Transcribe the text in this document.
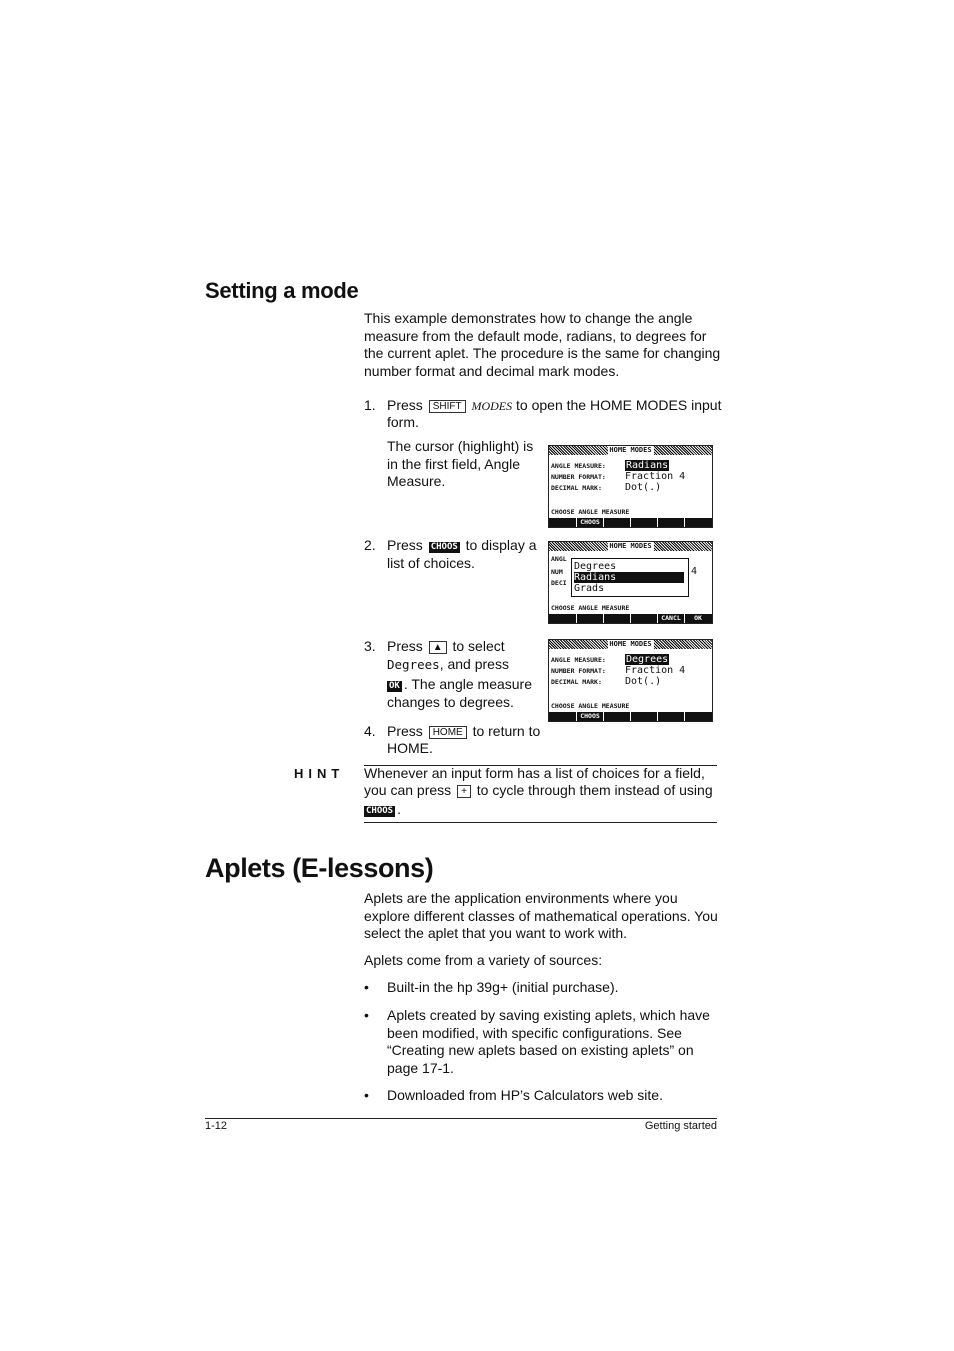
Setting a mode
This example demonstrates how to change the angle
measure from the default mode, radians, to degrees for
the current aplet. The procedure is the same for changing
number format and decimal mark modes.
1. Press SHIFT MODES to open the HOME MODES input
form.
The cursor (highlight) is
in the first field, Angle
Measure.
HOME MODES
ANGLE MEASURE: Radians
NUMBER FORMAT: Fraction 4
DECIMAL MARK: Dot(.)
CHOOSE ANGLE MEASURE
CHOOS
2. Press CHOOS to display a
list of choices.
HOME MODES
ANGL
NUM
DECI
4
Degrees
Radians
Grads
CHOOSE ANGLE MEASURE
CANCL	OK
3. Press ▲ to select
Degrees, and press
OK . The angle measure
changes to degrees.
HOME MODES
ANGLE MEASURE: Degrees
NUMBER FORMAT: Fraction 4
DECIMAL MARK: Dot(.)
CHOOSE ANGLE MEASURE
CHOOS
4. Press HOME to return to
HOME.
HINT Whenever an input form has a list of choices for a field,
you can press + to cycle through them instead of using
CHOOS .
Aplets (E-lessons)
Aplets are the application environments where you
explore different classes of mathematical operations. You
select the aplet that you want to work with.
Aplets come from a variety of sources:
• Built-in the hp 39g+ (initial purchase).
• Aplets created by saving existing aplets, which have
been modified, with specific configurations. See
“Creating new aplets based on existing aplets” on
page 17-1.
• Downloaded from HP’s Calculators web site.
1-12	Getting started
